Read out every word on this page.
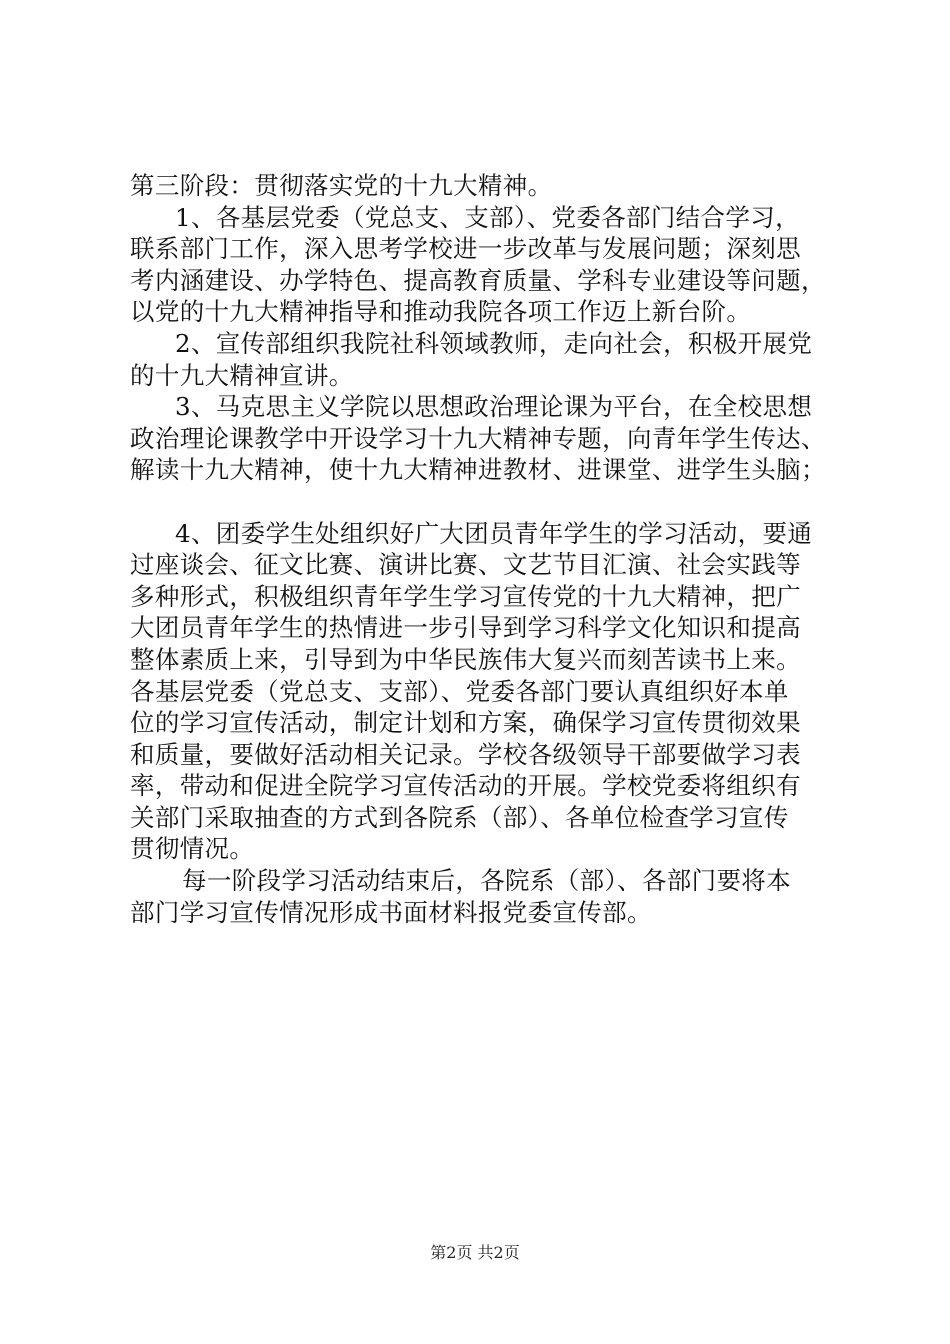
第三阶段：贯彻落实党的十九大精神。
1、各基层党委（党总支、支部）、党委各部门结合学习，
联系部门工作，深入思考学校进一步改革与发展问题；深刻思
考内涵建设、办学特色、提高教育质量、学科专业建设等问题，
以党的十九大精神指导和推动我院各项工作迈上新台阶。
2、宣传部组织我院社科领域教师，走向社会，积极开展党
的十九大精神宣讲。
3、马克思主义学院以思想政治理论课为平台，在全校思想
政治理论课教学中开设学习十九大精神专题，向青年学生传达、
解读十九大精神，使十九大精神进教材、进课堂、进学生头脑；
4、团委学生处组织好广大团员青年学生的学习活动，要通
过座谈会、征文比赛、演讲比赛、文艺节目汇演、社会实践等
多种形式，积极组织青年学生学习宣传党的十九大精神，把广
大团员青年学生的热情进一步引导到学习科学文化知识和提高
整体素质上来，引导到为中华民族伟大复兴而刻苦读书上来。
各基层党委（党总支、支部）、党委各部门要认真组织好本单
位的学习宣传活动，制定计划和方案，确保学习宣传贯彻效果
和质量，要做好活动相关记录。学校各级领导干部要做学习表
率，带动和促进全院学习宣传活动的开展。学校党委将组织有
关部门采取抽查的方式到各院系（部）、各单位检查学习宣传
贯彻情况。
每一阶段学习活动结束后，各院系（部）、各部门要将本
部门学习宣传情况形成书面材料报党委宣传部。
第2页 共2页
